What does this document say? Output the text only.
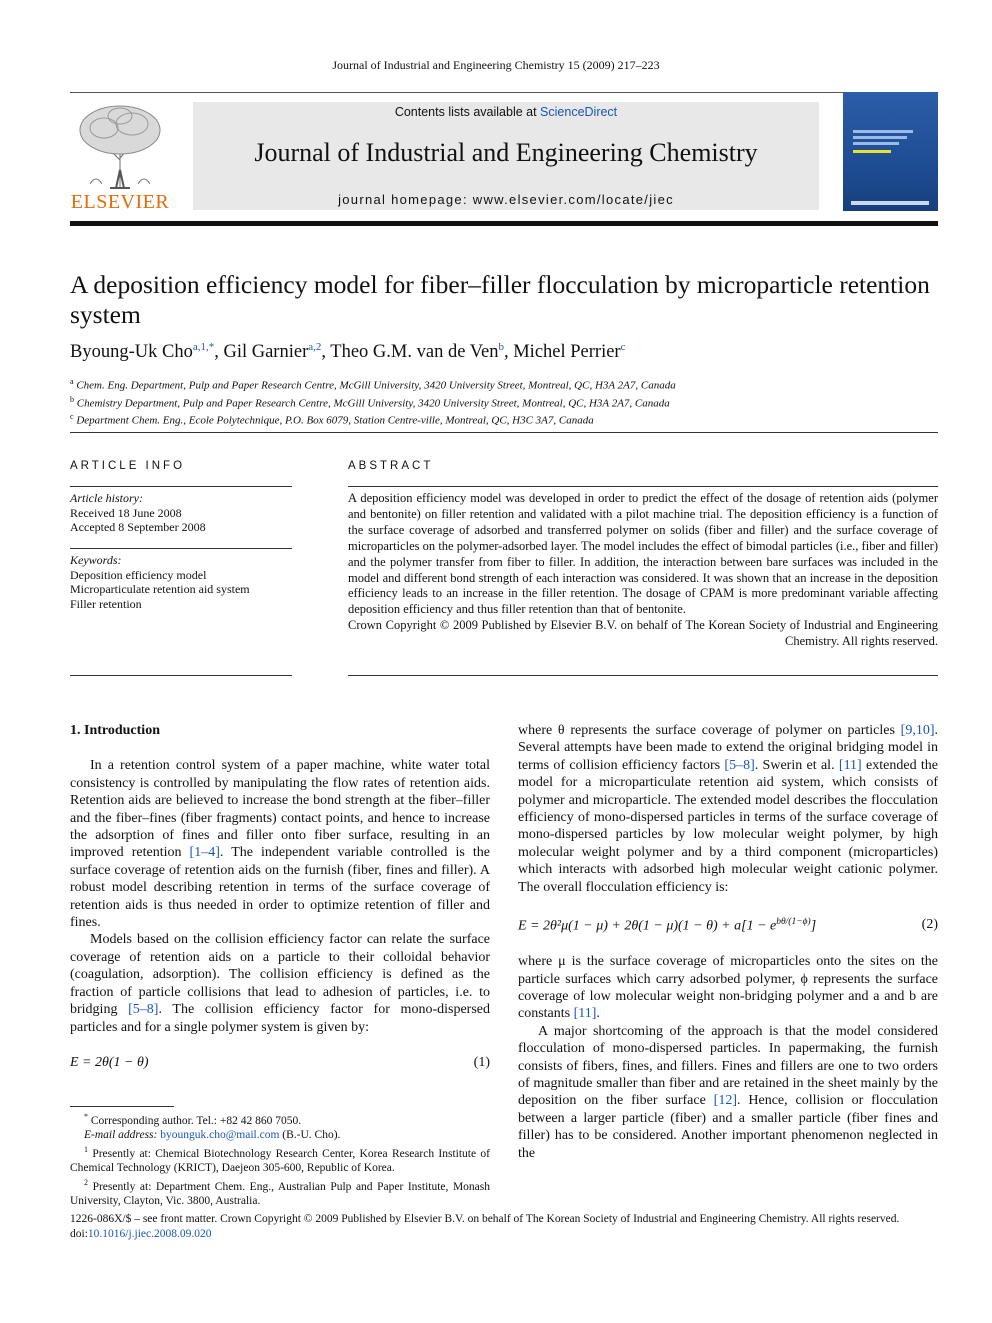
Journal of Industrial and Engineering Chemistry 15 (2009) 217–223
ELSEVIER
Contents lists available at ScienceDirect
Journal of Industrial and Engineering Chemistry
journal homepage: www.elsevier.com/locate/jiec
A deposition efficiency model for fiber–filler flocculation by microparticle retention system
Byoung-Uk Cho$^{a,1,*}$, Gil Garnier$^{a,2}$, Theo G.M. van de Ven$^b$, Michel Perrier$^c$
$^a$ Chem. Eng. Department, Pulp and Paper Research Centre, McGill University, 3420 University Street, Montreal, QC, H3A 2A7, Canada
$^b$ Chemistry Department, Pulp and Paper Research Centre, McGill University, 3420 University Street, Montreal, QC, H3A 2A7, Canada
$^c$ Department Chem. Eng., Ecole Polytechnique, P.O. Box 6079, Station Centre-ville, Montreal, QC, H3C 3A7, Canada
ARTICLE INFO	ABSTRACT
Article history:
Received 18 June 2008
Accepted 8 September 2008
Keywords:
Deposition efficiency model
Microparticulate retention aid system
Filler retention

A deposition efficiency model was developed in order to predict the effect of the dosage of retention aids (polymer and bentonite) on filler retention and validated with a pilot machine trial. The deposition efficiency is a function of the surface coverage of adsorbed and transferred polymer on solids (fiber and filler) and the surface coverage of microparticles on the polymer-adsorbed layer. The model includes the effect of bimodal particles (i.e., fiber and filler) and the polymer transfer from fiber to filler. In addition, the interaction between bare surfaces was included in the model and different bond strength of each interaction was considered. It was shown that an increase in the deposition efficiency leads to an increase in the filler retention. The dosage of CPAM is more predominant variable affecting deposition efficiency and thus filler retention than that of bentonite.

Crown Copyright © 2009 Published by Elsevier B.V. on behalf of The Korean Society of Industrial and Engineering Chemistry. All rights reserved.

1. Introduction

In a retention control system of a paper machine, white water total consistency is controlled by manipulating the flow rates of retention aids. Retention aids are believed to increase the bond strength at the fiber–filler and the fiber–fines (fiber fragments) contact points, and hence to increase the adsorption of fines and filler onto fiber surface, resulting in an improved retention [1–4]. The independent variable controlled is the surface coverage of retention aids on the furnish (fiber, fines and filler). A robust model describing retention in terms of the surface coverage of retention aids is thus needed in order to optimize retention of filler and fines.

Models based on the collision efficiency factor can relate the surface coverage of retention aids on a particle to their colloidal behavior (coagulation, adsorption). The collision efficiency is defined as the fraction of particle collisions that lead to adhesion of particles, i.e. to bridging [5–8]. The collision efficiency factor for mono-dispersed particles and for a single polymer system is given by:

E = 2θ(1 − θ)	(1)

* Corresponding author. Tel.: +82 42 860 7050.

E-mail address: byounguk.cho@mail.com (B.-U. Cho).

$^1$ Presently at: Chemical Biotechnology Research Center, Korea Research Institute of Chemical Technology (KRICT), Daejeon 305-600, Republic of Korea.

$^2$ Presently at: Department Chem. Eng., Australian Pulp and Paper Institute, Monash University, Clayton, Vic. 3800, Australia.

where θ represents the surface coverage of polymer on particles [9,10]. Several attempts have been made to extend the original bridging model in terms of collision efficiency factors [5–8]. Swerin et al. [11] extended the model for a microparticulate retention aid system, which consists of polymer and microparticle. The extended model describes the flocculation efficiency of mono-dispersed particles in terms of the surface coverage of mono-dispersed particles by low molecular weight polymer, by high molecular weight polymer and by a third component (microparticles) which interacts with adsorbed high molecular weight cationic polymer. The overall flocculation efficiency is:

$E = 2\theta^2\mu(1 - \mu) + 2\theta(1 - \mu)(1 - \theta) + a[1 - e^{b\theta/(1-\phi)}]$	(2)

where μ is the surface coverage of microparticles onto the sites on the particle surfaces which carry adsorbed polymer, ϕ represents the surface coverage of low molecular weight non-bridging polymer and a and b are constants [11].

A major shortcoming of the approach is that the model considered flocculation of mono-dispersed particles. In papermaking, the furnish consists of fibers, fines, and fillers. Fines and fillers are one to two orders of magnitude smaller than fiber and are retained in the sheet mainly by the deposition on the fiber surface [12]. Hence, collision or flocculation between a larger particle (fiber) and a smaller particle (fiber fines and filler) has to be considered. Another important phenomenon neglected in the

1226-086X/$ – see front matter. Crown Copyright © 2009 Published by Elsevier B.V. on behalf of The Korean Society of Industrial and Engineering Chemistry. All rights reserved.
doi:10.1016/j.jiec.2008.09.020
